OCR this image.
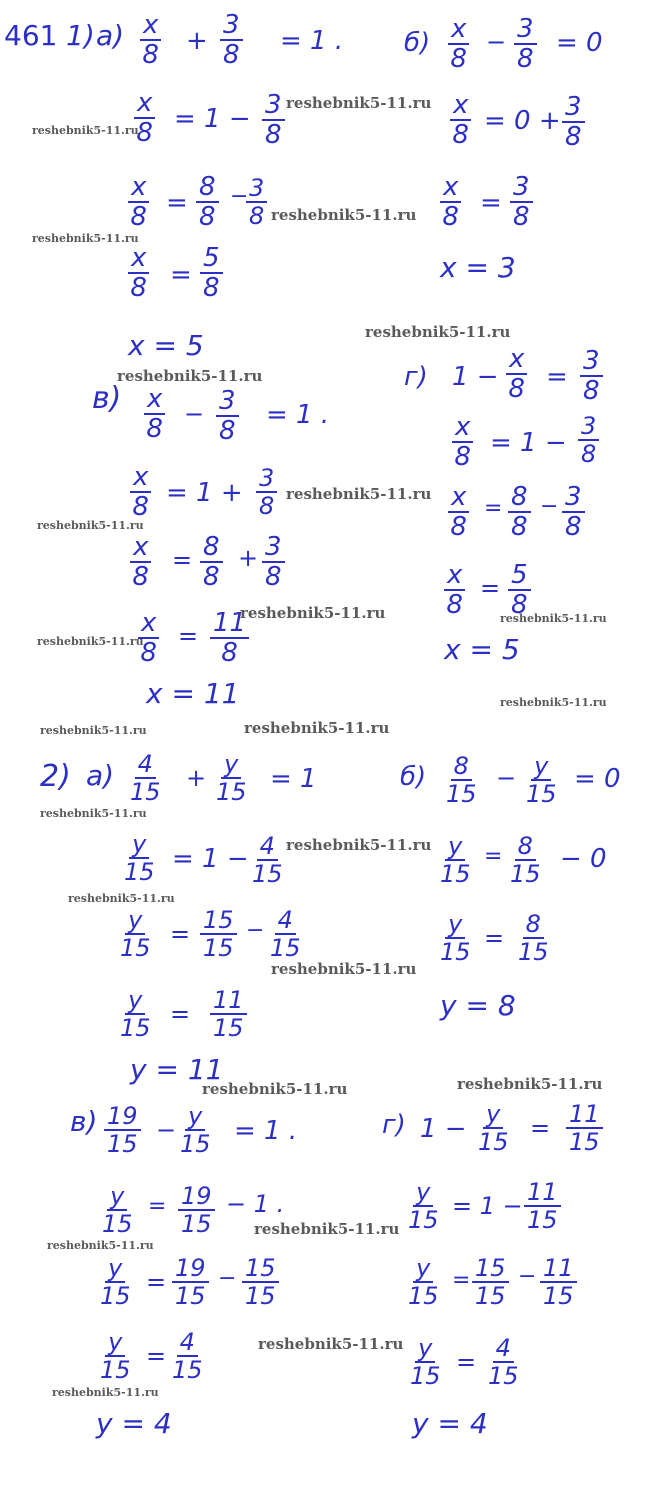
reshebnik5-11.ru
reshebnik5-11.ru
reshebnik5-11.ru
reshebnik5-11.ru
reshebnik5-11.ru
reshebnik5-11.ru
reshebnik5-11.ru
reshebnik5-11.ru
reshebnik5-11.ru
reshebnik5-11.ru
reshebnik5-11.ru
reshebnik5-11.ru
reshebnik5-11.ru	reshebnik5-11.ru
reshebnik5-11.ru
reshebnik5-11.ru
reshebnik5-11.ru
reshebnik5-11.ru
reshebnik5-11.ru	reshebnik5-11.ru
reshebnik5-11.ru
reshebnik5-11.ru
reshebnik5-11.ru
reshebnik5-11.ru
461 1) а) x
8 +
3
8 = 1 .
x
8 = 1 − 3
8
x
8 =
8
8
− 3
8
x
8 =
5
8
x = 5
б) x
8
− 3
8
= 0
x
8 = 0 + 3
8
x
8 =
3
8
x = 3
в) x
8 − 3
8
= 1 .
x
8 = 1 + 3
8
x
8
= 8
8
+ 3
8
x
8
= 11
8
x = 11
г) 1 −
x
8 =
3
8
x
8 = 1 −
3
8
x
8
= 8
8
− 3
8
x
8
= 5
8
x = 5
2) а) 4
15 + y
15 = 1
y
15 = 1 − 4
15
y
15 = 15
15
− 4
15
y
15 = 11
15
y = 11
б) 8
15
− y
15 = 0
y
15
= 8
15 − 0
y
15 = 8
15
y = 8
в) 19
15 − y
15 = 1 .
y
15
= 19
15
− 1 .
y
15 = 19
15
− 15
15
y
15 = 4
15
y = 4
г) 1 − y
15 = 11
15
y
15 = 1 − 11
15
y
15
= 15
15
− 11
15
y
15 = 4
15
y = 4
